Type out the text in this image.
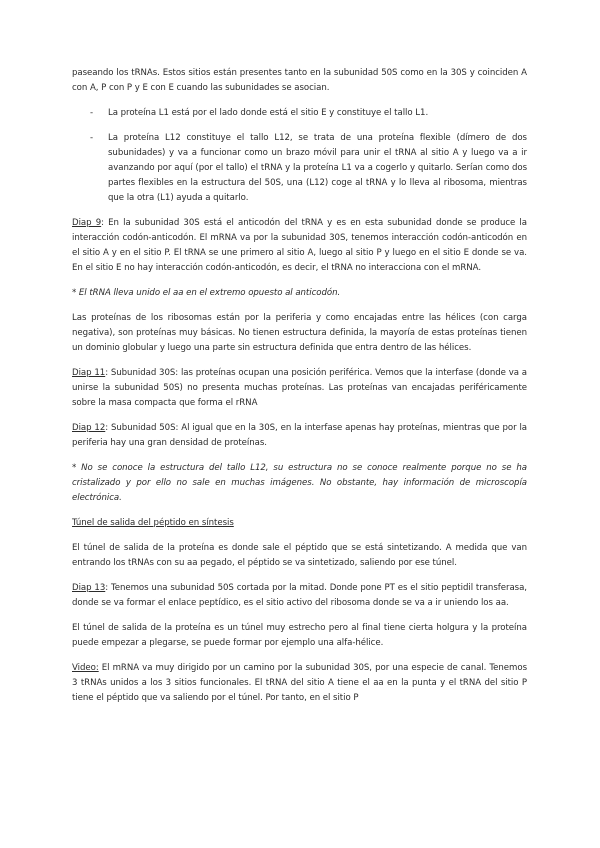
paseando los tRNAs. Estos sitios están presentes tanto en la subunidad 50S como en la 30S y coinciden A con A, P con P y E con E cuando las subunidades se asocian.

- La proteína L1 está por el lado donde está el sitio E y constituye el tallo L1.

- La proteína L12 constituye el tallo L12, se trata de una proteína flexible (dímero de dos subunidades) y va a funcionar como un brazo móvil para unir el tRNA al sitio A y luego va a ir avanzando por aquí (por el tallo) el tRNA y la proteína L1 va a cogerlo y quitarlo. Serían como dos partes flexibles en la estructura del 50S, una (L12) coge al tRNA y lo lleva al ribosoma, mientras que la otra (L1) ayuda a quitarlo.

Diap 9: En la subunidad 30S está el anticodón del tRNA y es en esta subunidad donde se produce la interacción codón-anticodón. El mRNA va por la subunidad 30S, tenemos interacción codón-anticodón en el sitio A y en el sitio P. El tRNA se une primero al sitio A, luego al sitio P y luego en el sitio E donde se va. En el sitio E no hay interacción codón-anticodón, es decir, el tRNA no interacciona con el mRNA.

* El tRNA lleva unido el aa en el extremo opuesto al anticodón.

Las proteínas de los ribosomas están por la periferia y como encajadas entre las hélices (con carga negativa), son proteínas muy básicas. No tienen estructura definida, la mayoría de estas proteínas tienen un dominio globular y luego una parte sin estructura definida que entra dentro de las hélices.

Diap 11: Subunidad 30S: las proteínas ocupan una posición periférica. Vemos que la interfase (donde va a unirse la subunidad 50S) no presenta muchas proteínas. Las proteínas van encajadas periféricamente sobre la masa compacta que forma el rRNA

Diap 12: Subunidad 50S: Al igual que en la 30S, en la interfase apenas hay proteínas, mientras que por la periferia hay una gran densidad de proteínas.

* No se conoce la estructura del tallo L12, su estructura no se conoce realmente porque no se ha cristalizado y por ello no sale en muchas imágenes. No obstante, hay información de microscopía electrónica.

Túnel de salida del péptido en síntesis

El túnel de salida de la proteína es donde sale el péptido que se está sintetizando. A medida que van entrando los tRNAs con su aa pegado, el péptido se va sintetizado, saliendo por ese túnel.

Diap 13: Tenemos una subunidad 50S cortada por la mitad. Donde pone PT es el sitio peptidil transferasa, donde se va formar el enlace peptídico, es el sitio activo del ribosoma donde se va a ir uniendo los aa.

El túnel de salida de la proteína es un túnel muy estrecho pero al final tiene cierta holgura y la proteína puede empezar a plegarse, se puede formar por ejemplo una alfa-hélice.

Video: El mRNA va muy dirigido por un camino por la subunidad 30S, por una especie de canal. Tenemos 3 tRNAs unidos a los 3 sitios funcionales. El tRNA del sitio A tiene el aa en la punta y el tRNA del sitio P tiene el péptido que va saliendo por el túnel. Por tanto, en el sitio P
